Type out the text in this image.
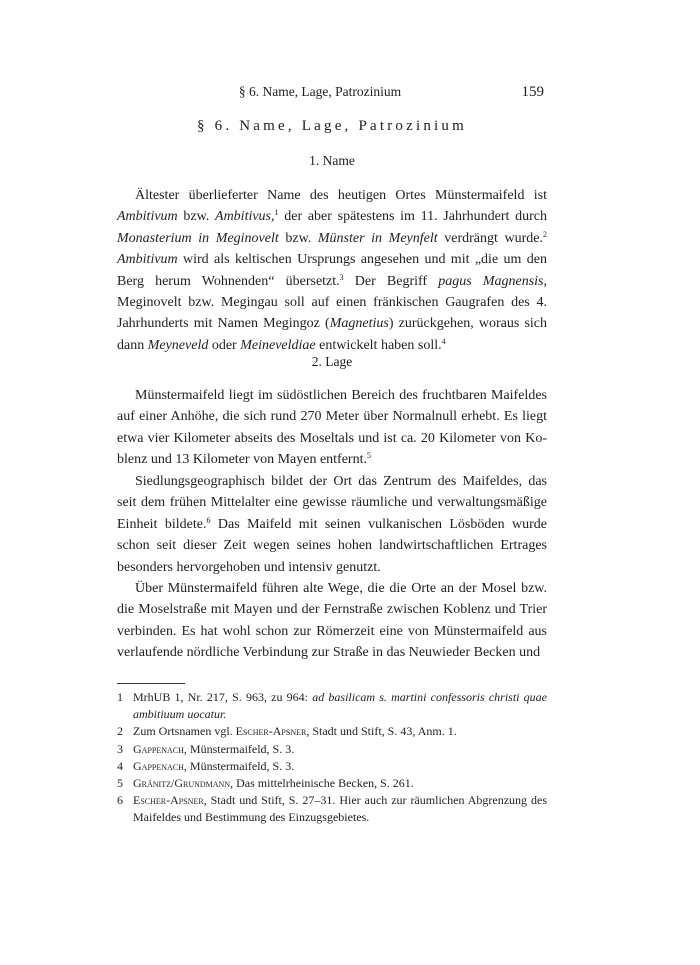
§ 6. Name, Lage, Patrozinium	159
§ 6. Name, Lage, Patrozinium
1. Name

Ältester überlieferter Name des heutigen Ortes Münstermaifeld ist Ambitivum bzw. Ambitivus,$^1$ der aber spätestens im 11. Jahrhundert durch Monasterium in Meginovelt bzw. Münster in Meynfelt verdrängt wurde.$^2$ Ambitivum wird als keltischen Ursprungs angesehen und mit „die um den Berg herum Wohnenden“ übersetzt.$^3$ Der Begriff pagus Magnensis, Meginovelt bzw. Megingau soll auf einen fränkischen Gaugrafen des 4. Jahrhunderts mit Namen Megingoz (Magnetius) zurückgehen, woraus sich dann Meyneveld oder Meineveldiae entwickelt haben soll.$^4$

2. Lage

Münstermaifeld liegt im südöstlichen Bereich des fruchtbaren Maifeldes auf einer Anhöhe, die sich rund 270 Meter über Normalnull erhebt. Es liegt etwa vier Kilometer abseits des Moseltals und ist ca. 20 Kilometer von Koblenz und 13 Kilometer von Mayen entfernt.$^5$

Siedlungsgeographisch bildet der Ort das Zentrum des Maifeldes, das seit dem frühen Mittelalter eine gewisse räumliche und verwaltungsmäßige Einheit bildete.$^6$ Das Maifeld mit seinen vulkanischen Lösböden wurde schon seit dieser Zeit wegen seines hohen landwirtschaftlichen Ertrages besonders hervorgehoben und intensiv genutzt.

Über Münstermaifeld führen alte Wege, die die Orte an der Mosel bzw. die Moselstraße mit Mayen und der Fernstraße zwischen Koblenz und Trier verbinden. Es hat wohl schon zur Römerzeit eine von Münstermaifeld aus verlaufende nördliche Verbindung zur Straße in das Neuwieder Becken und

1 MrhUB 1, Nr. 217, S. 963, zu 964: ad basilicam s. martini confessoris christi quae ambitiuum uocatur.
2 Zum Ortsnamen vgl. Escher-Apsner, Stadt und Stift, S. 43, Anm. 1.
3 Gappenach, Münstermaifeld, S. 3.
4 Gappenach, Münstermaifeld, S. 3.
5 Gränitz/Grundmann, Das mittelrheinische Becken, S. 261.
6 Escher-Apsner, Stadt und Stift, S. 27–31. Hier auch zur räumlichen Abgrenzung des Maifeldes und Bestimmung des Einzugsgebietes.
